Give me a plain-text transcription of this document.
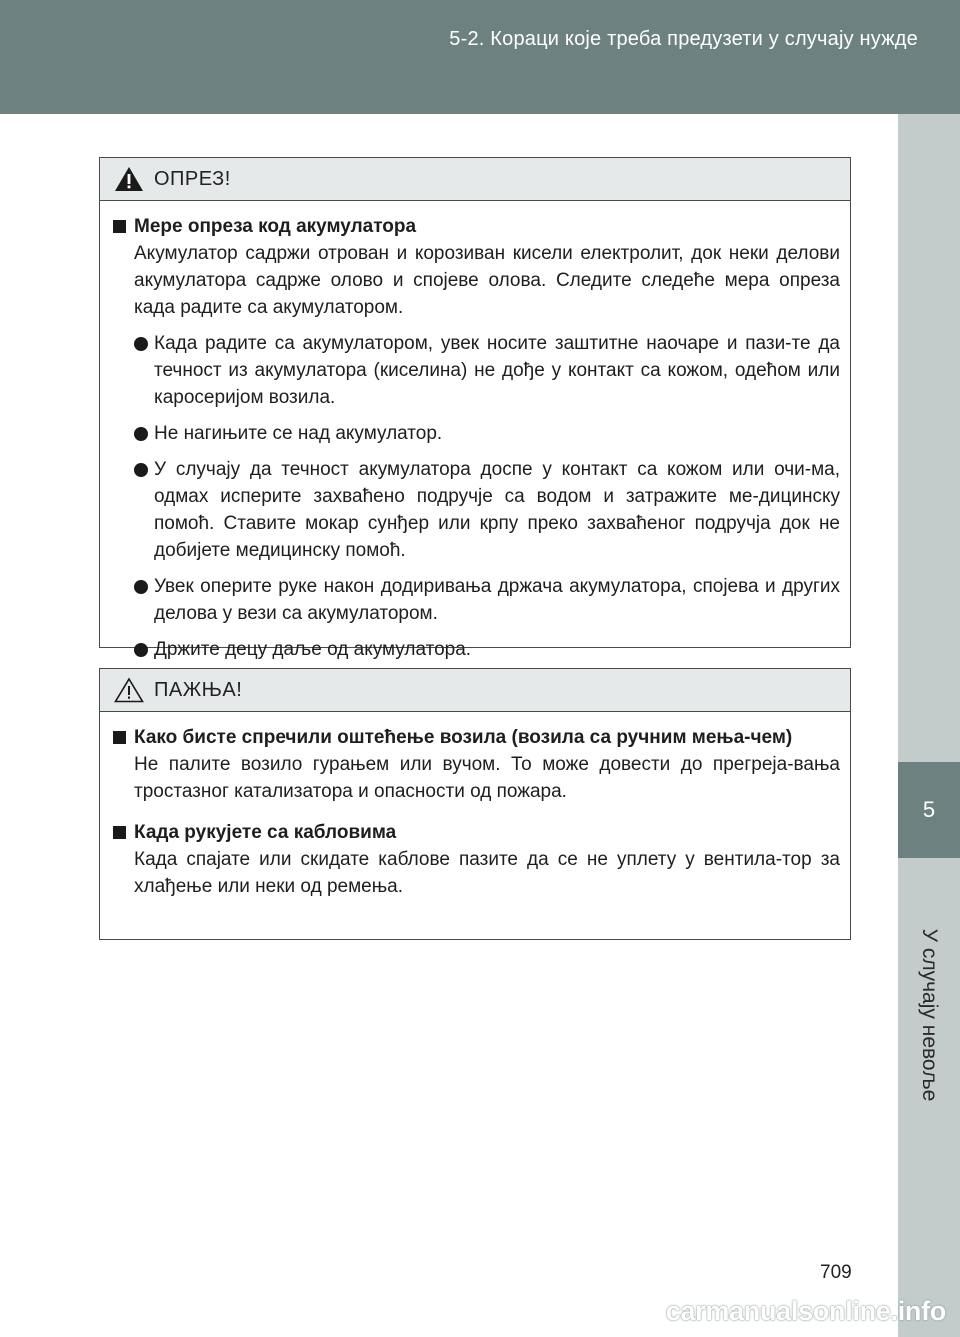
5-2. Кораци које треба предузети у случају нужде
5
У случају невоље
ОПРЕЗ!
Мере опреза код акумулатора
Акумулатор садржи отрован и корозиван кисели електролит, док неки делови акумулатора садрже олово и спојеве олова. Следите следеће мера опреза када радите са акумулатором.
Када радите са акумулатором, увек носите заштитне наочаре и пази-те да течност из акумулатора (киселина) не дође у контакт са кожом, одећом или каросеријом возила.
Не нагињите се над акумулатор.
У случају да течност акумулатора доспе у контакт са кожом или очи-ма, одмах исперите захваћено подручје са водом и затражите ме-дицинску помоћ. Ставите мокар сунђер или крпу преко захваћеног подручја док не добијете медицинску помоћ.
Увек оперите руке након додиривања држача акумулатора, спојева и других делова у вези са акумулатором.
Држите децу даље од акумулатора.
ПАЖЊА!
Како бисте спречили оштећење возила (возила са ручним мења-чем)
Не палите возило гурањем или вучом. То може довести до прегреја-вања тростазног катализатора и опасности од пожара.
Када рукујете са кабловима
Када спајате или скидате каблове пазите да се не уплету у вентила-тор за хлађење или неки од ремења.
709
carmanualsonline.info
